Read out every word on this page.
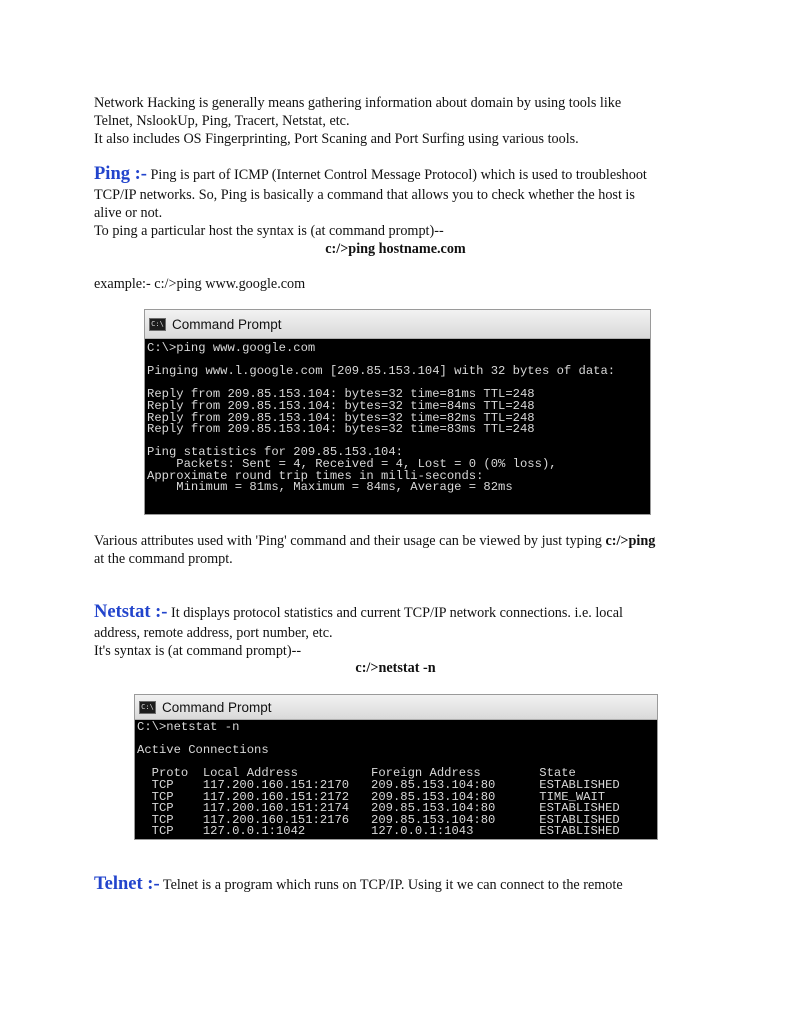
Network Hacking is generally means gathering information about domain by using tools like
Telnet, NslookUp, Ping, Tracert, Netstat, etc.
It also includes OS Fingerprinting, Port Scaning and Port Surfing using various tools.
Ping :- Ping is part of ICMP (Internet Control Message Protocol) which is used to troubleshoot
TCP/IP networks. So, Ping is basically a command that allows you to check whether the host is
alive or not.
To ping a particular host the syntax is (at command prompt)--
c:/>ping hostname.com
example:- c:/>ping www.google.com
C:\ Command Prompt
C:\>ping www.google.com
Pinging www.l.google.com [209.85.153.104] with 32 bytes of data:
Reply from 209.85.153.104: bytes=32 time=81ms TTL=248
Reply from 209.85.153.104: bytes=32 time=84ms TTL=248
Reply from 209.85.153.104: bytes=32 time=82ms TTL=248
Reply from 209.85.153.104: bytes=32 time=83ms TTL=248
Ping statistics for 209.85.153.104:
Packets: Sent = 4, Received = 4, Lost = 0 (0% loss),
Approximate round trip times in milli-seconds:
Minimum = 81ms, Maximum = 84ms, Average = 82ms
Various attributes used with 'Ping' command and their usage can be viewed by just typing c:/>ping
at the command prompt.
Netstat :- It displays protocol statistics and current TCP/IP network connections. i.e. local
address, remote address, port number, etc.
It's syntax is (at command prompt)--
c:/>netstat -n
C:\ Command Prompt
C:\>netstat -n
Active Connections
Proto  Local Address          Foreign Address        State
TCP    117.200.160.151:2170   209.85.153.104:80      ESTABLISHED
TCP    117.200.160.151:2172   209.85.153.104:80      TIME_WAIT
TCP    117.200.160.151:2174   209.85.153.104:80      ESTABLISHED
TCP    117.200.160.151:2176   209.85.153.104:80      ESTABLISHED
TCP    127.0.0.1:1042         127.0.0.1:1043         ESTABLISHED
Telnet :- Telnet is a program which runs on TCP/IP. Using it we can connect to the remote
